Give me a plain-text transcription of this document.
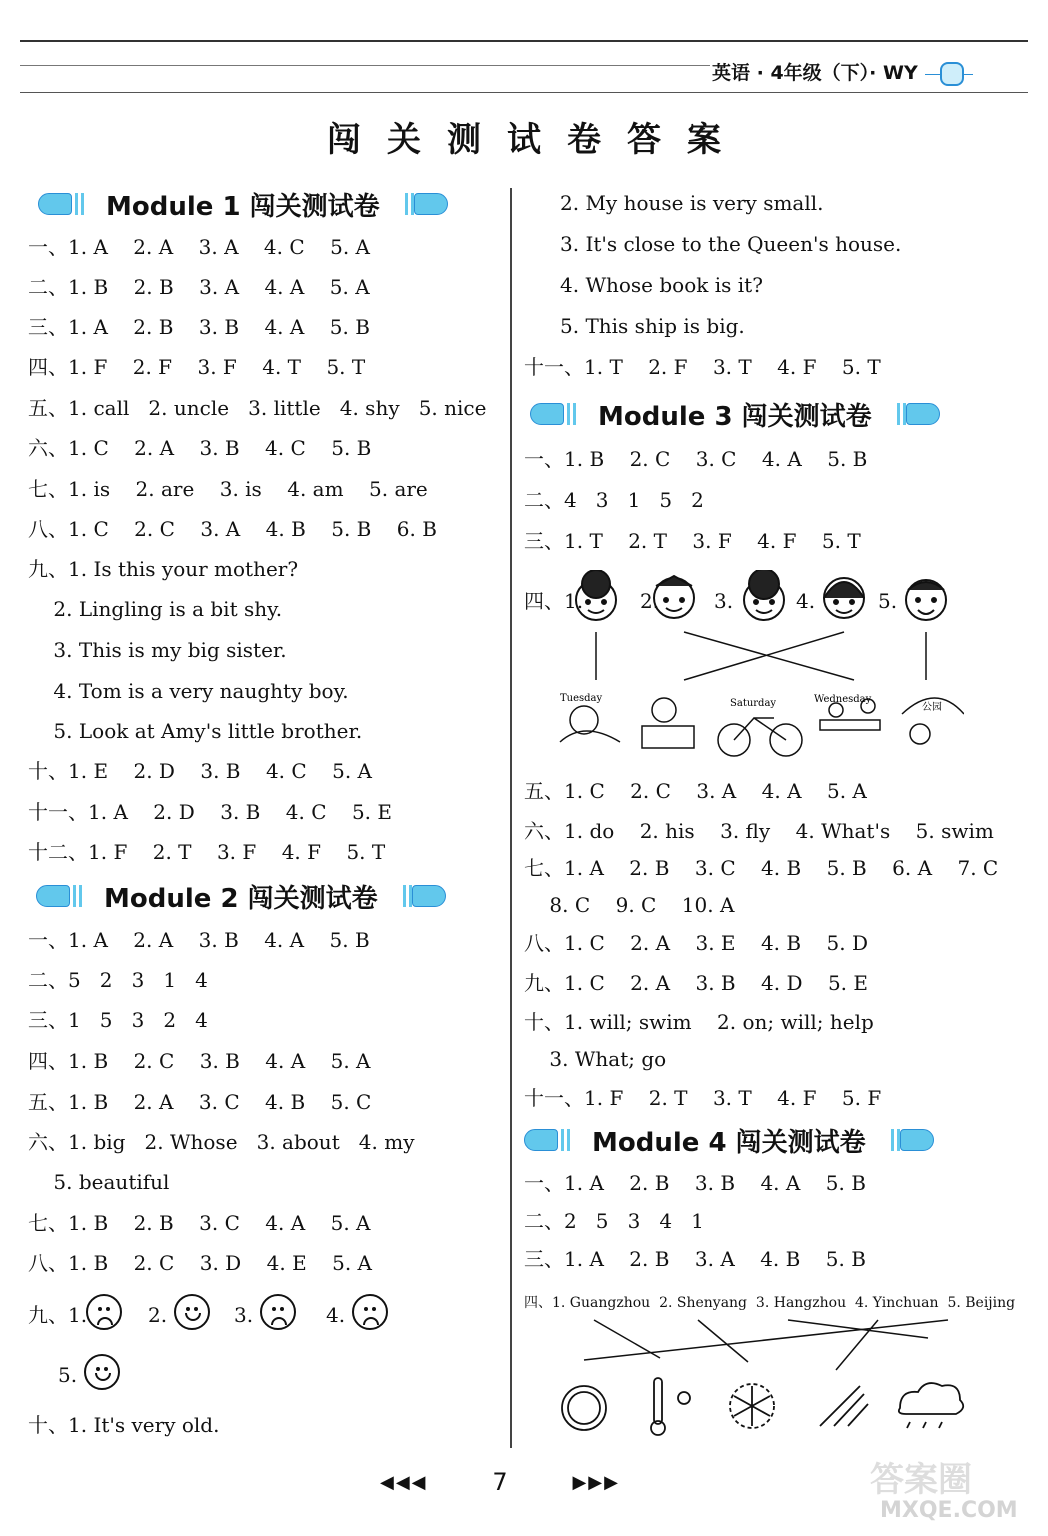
英语 · 4年级（下）· WY
闯关测试卷答案
Module 1 闯关测试卷
一、1. A    2. A    3. A    4. C    5. A
二、1. B    2. B    3. A    4. A    5. A
三、1. A    2. B    3. B    4. A    5. B
四、1. F    2. F    3. F    4. T    5. T
五、1. call   2. uncle   3. little   4. shy   5. nice
六、1. C    2. A    3. B    4. C    5. B
七、1. is    2. are    3. is    4. am    5. are
八、1. C    2. C    3. A    4. B    5. B    6. B
九、1. Is this your mother?
2. Lingling is a bit shy.
3. This is my big sister.
4. Tom is a very naughty boy.
5. Look at Amy's little brother.
十、1. E    2. D    3. B    4. C    5. A
十一、1. A    2. D    3. B    4. C    5. E
十二、1. F    2. T    3. F    4. F    5. T
Module 2 闯关测试卷
一、1. A    2. A    3. B    4. A    5. B
二、5   2   3   1   4
三、1   5   3   2   4
四、1. B    2. C    3. B    4. A    5. A
五、1. B    2. A    3. C    4. B    5. C
六、1. big   2. Whose   3. about   4. my
5. beautiful
七、1. B    2. B    3. C    4. A    5. A
八、1. B    2. C    3. D    4. E    5. A
九、1.	2.	3.	4.
5.
十、1. It's very old.
2. My house is very small.
3. It's close to the Queen's house.
4. Whose book is it?
5. This ship is big.
十一、1. T    2. F    3. T    4. F    5. T
Module 3 闯关测试卷
一、1. B    2. C    3. C    4. A    5. B
二、4   3   1   5   2
三、1. T    2. T    3. F    4. F    5. T
四、1.	2.	3.	4.	5.
Tuesday	Saturday	Wednesday
公园
五、1. C    2. C    3. A    4. A    5. A
六、1. do    2. his    3. fly    4. What's    5. swim
七、1. A    2. B    3. C    4. B    5. B    6. A    7. C
8. C    9. C    10. A
八、1. C    2. A    3. E    4. B    5. D
九、1. C    2. A    3. B    4. D    5. E
十、1. will; swim    2. on; will; help
3. What; go
十一、1. F    2. T    3. T    4. F    5. F
Module 4 闯关测试卷
一、1. A    2. B    3. B    4. A    5. B
二、2   5   3   4   1
三、1. A    2. B    3. A    4. B    5. B
四、1. Guangzhou  2. Shenyang  3. Hangzhou  4. Yinchuan  5. Beijing
◀◀◀	7	▶▶▶	答案圈
MXQE.COM
